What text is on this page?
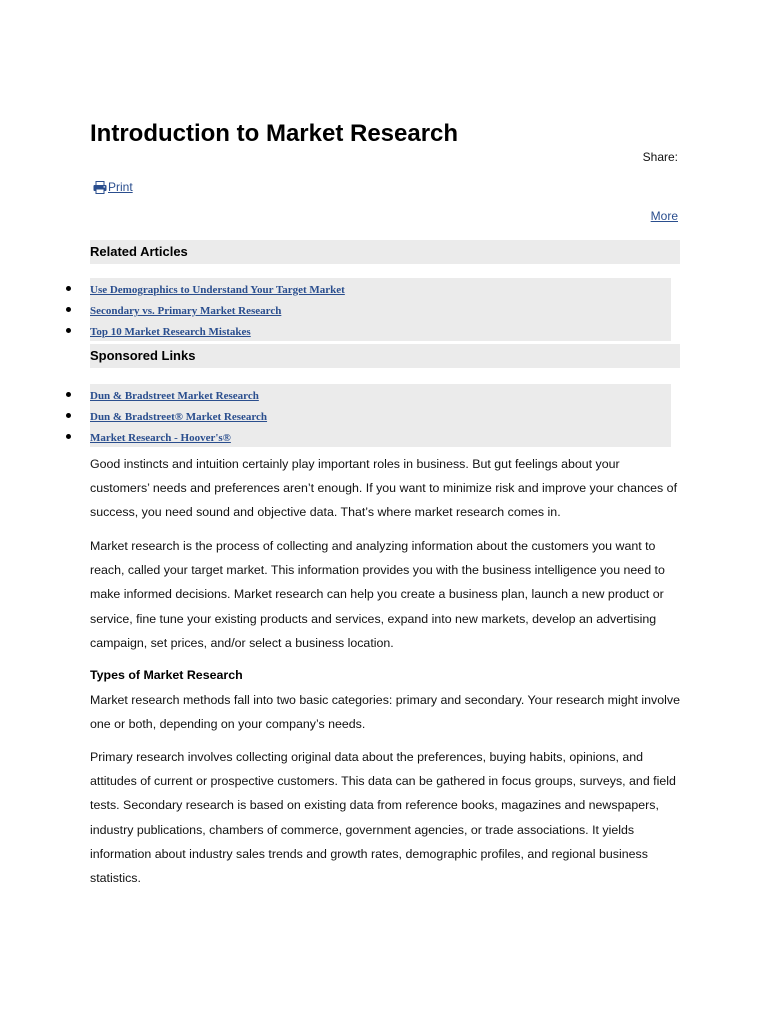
Introduction to Market Research
Share:
Print
More
Related Articles
Use Demographics to Understand Your Target Market
Secondary vs. Primary Market Research
Top 10 Market Research Mistakes
Sponsored Links
Dun & Bradstreet Market Research
Dun & Bradstreet® Market Research
Market Research - Hoover's®

Good instincts and intuition certainly play important roles in business. But gut feelings about your customers’ needs and preferences aren’t enough. If you want to minimize risk and improve your chances of success, you need sound and objective data. That’s where market research comes in.

Market research is the process of collecting and analyzing information about the customers you want to reach, called your target market. This information provides you with the business intelligence you need to make informed decisions. Market research can help you create a business plan, launch a new product or service, fine tune your existing products and services, expand into new markets, develop an advertising campaign, set prices, and/or select a business location.

Types of Market Research

Market research methods fall into two basic categories: primary and secondary. Your research might involve one or both, depending on your company’s needs.

Primary research involves collecting original data about the preferences, buying habits, opinions, and attitudes of current or prospective customers. This data can be gathered in focus groups, surveys, and field tests. Secondary research is based on existing data from reference books, magazines and newspapers, industry publications, chambers of commerce, government agencies, or trade associations. It yields information about industry sales trends and growth rates, demographic profiles, and regional business statistics.
